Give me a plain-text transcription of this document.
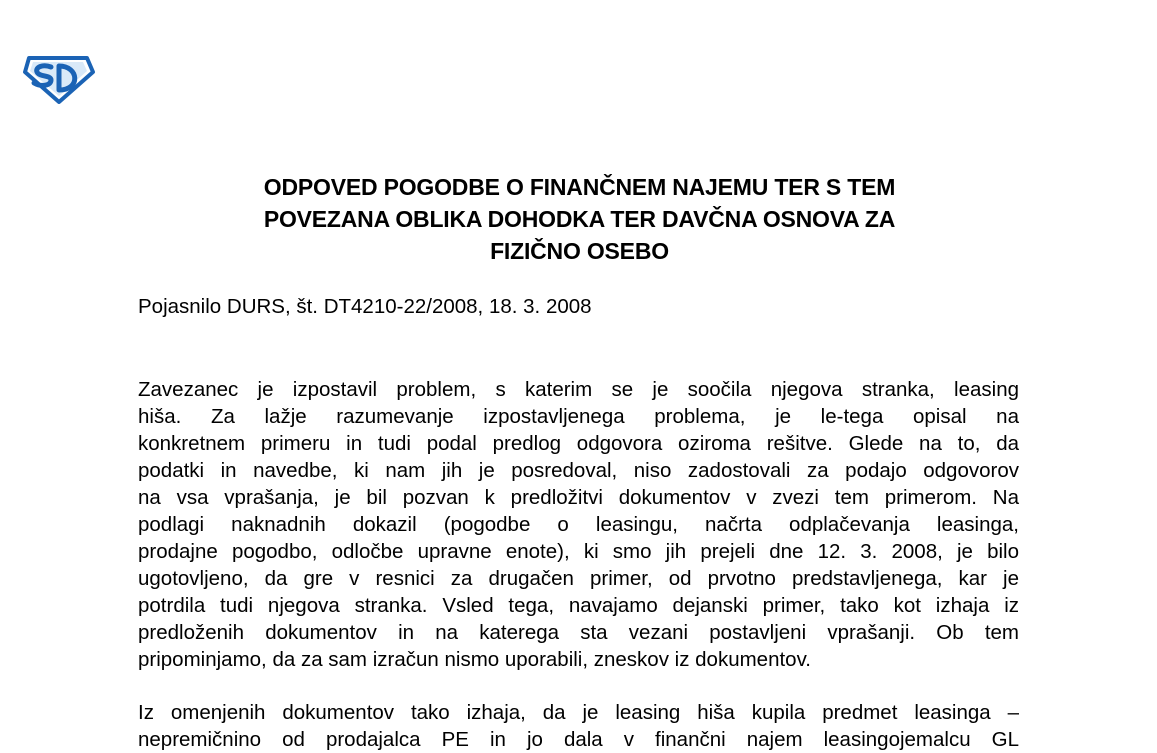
ODPOVED POGODBE O FINANČNEM NAJEMU TER S TEM
POVEZANA OBLIKA DOHODKA TER DAVČNA OSNOVA ZA
FIZIČNO OSEBO
Pojasnilo DURS, št. DT4210-22/2008, 18. 3. 2008
Zavezanec je izpostavil problem, s katerim se je soočila njegova stranka, leasing
hiša. Za lažje razumevanje izpostavljenega problema, je le-tega opisal na
konkretnem primeru in tudi podal predlog odgovora oziroma rešitve. Glede na to, da
podatki in navedbe, ki nam jih je posredoval, niso zadostovali za podajo odgovorov
na vsa vprašanja, je bil pozvan k predložitvi dokumentov v zvezi tem primerom. Na
podlagi naknadnih dokazil (pogodbe o leasingu, načrta odplačevanja leasinga,
prodajne pogodbo, odločbe upravne enote), ki smo jih prejeli dne 12. 3. 2008, je bilo
ugotovljeno, da gre v resnici za drugačen primer, od prvotno predstavljenega, kar je
potrdila tudi njegova stranka. Vsled tega, navajamo dejanski primer, tako kot izhaja iz
predloženih dokumentov in na katerega sta vezani postavljeni vprašanji. Ob tem
pripominjamo, da za sam izračun nismo uporabili, zneskov iz dokumentov.
Iz omenjenih dokumentov tako izhaja, da je leasing hiša kupila predmet leasinga –
nepremičnino od prodajalca PE in jo dala v finančni najem leasingojemalcu GL
